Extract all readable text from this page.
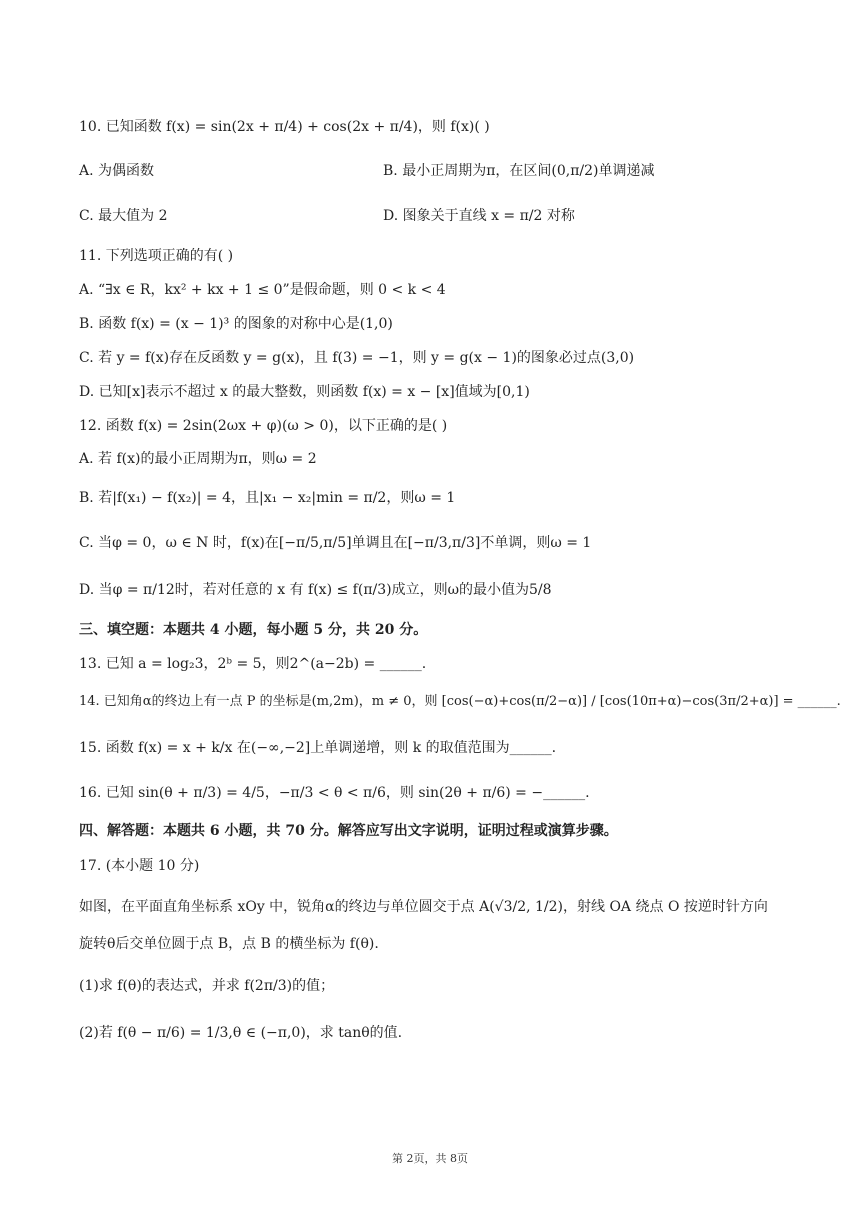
10. 已知函数 f(x) = sin(2x + π/4) + cos(2x + π/4)，则 f(x)( )
A. 为偶函数	B. 最小正周期为π，在区间(0,π/2)单调递减
C. 最大值为 2	D. 图象关于直线 x = π/2 对称
11. 下列选项正确的有( )
A. “∃x ∈ R，kx² + kx + 1 ≤ 0”是假命题，则 0 < k < 4
B. 函数 f(x) = (x − 1)³ 的图象的对称中心是(1,0)
C. 若 y = f(x)存在反函数 y = g(x)，且 f(3) = −1，则 y = g(x − 1)的图象必过点(3,0)
D. 已知[x]表示不超过 x 的最大整数，则函数 f(x) = x − [x]值域为[0,1)
12. 函数 f(x) = 2sin(2ωx + φ)(ω > 0)，以下正确的是( )
A. 若 f(x)的最小正周期为π，则ω = 2
B. 若|f(x₁) − f(x₂)| = 4，且|x₁ − x₂|min = π/2，则ω = 1
C. 当φ = 0，ω ∈ N 时，f(x)在[−π/5,π/5]单调且在[−π/3,π/3]不单调，则ω = 1
D. 当φ = π/12时，若对任意的 x 有 f(x) ≤ f(π/3)成立，则ω的最小值为5/8
三、填空题：本题共 4 小题，每小题 5 分，共 20 分。
13. 已知 a = log₂3，2ᵇ = 5，则2^(a−2b) = ______.
14. 已知角α的终边上有一点 P 的坐标是(m,2m)，m ≠ 0，则 [cos(−α)+cos(π/2−α)] / [cos(10π+α)−cos(3π/2+α)] = ______.
15. 函数 f(x) = x + k/x 在(−∞,−2]上单调递增，则 k 的取值范围为______.
16. 已知 sin(θ + π/3) = 4/5，−π/3 < θ < π/6，则 sin(2θ + π/6) = −______.
四、解答题：本题共 6 小题，共 70 分。解答应写出文字说明，证明过程或演算步骤。
17. (本小题 10 分)
如图，在平面直角坐标系 xOy 中，锐角α的终边与单位圆交于点 A(√3/2, 1/2)，射线 OA 绕点 O 按逆时针方向
旋转θ后交单位圆于点 B，点 B 的横坐标为 f(θ).
(1)求 f(θ)的表达式，并求 f(2π/3)的值；
(2)若 f(θ − π/6) = 1/3,θ ∈ (−π,0)，求 tanθ的值.
第 2页，共 8页
